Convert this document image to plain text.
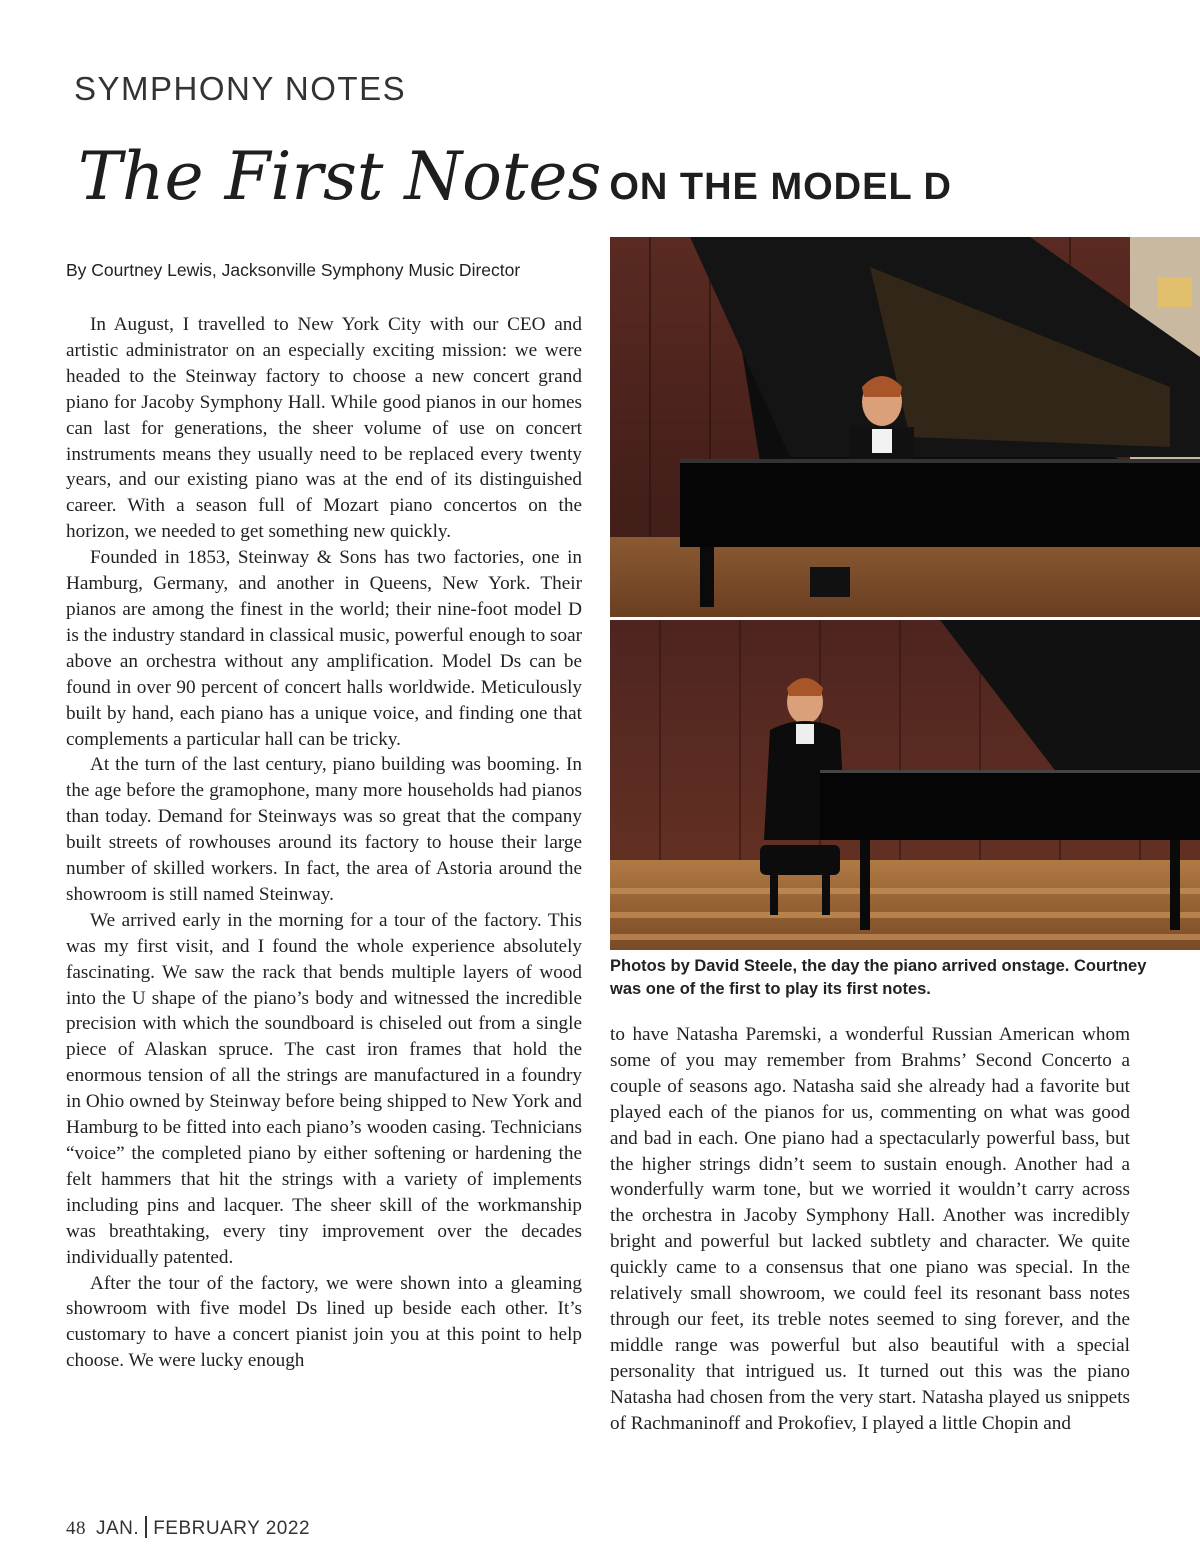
SYMPHONY NOTES
The First Notes ON THE MODEL D
By Courtney Lewis, Jacksonville Symphony Music Director

In August, I travelled to New York City with our CEO and artistic administrator on an especially exciting mission: we were headed to the Steinway factory to choose a new concert grand piano for Jacoby Symphony Hall. While good pianos in our homes can last for generations, the sheer volume of use on concert instruments means they usually need to be replaced every twenty years, and our existing piano was at the end of its distinguished career. With a season full of Mozart piano concertos on the horizon, we needed to get something new quickly.

Founded in 1853, Steinway & Sons has two factories, one in Hamburg, Germany, and another in Queens, New York. Their pianos are among the finest in the world; their nine-foot model D is the industry standard in classical music, powerful enough to soar above an orchestra without any amplification. Model Ds can be found in over 90 percent of concert halls worldwide. Meticulously built by hand, each piano has a unique voice, and finding one that complements a particular hall can be tricky.

At the turn of the last century, piano building was booming. In the age before the gramophone, many more households had pianos than today. Demand for Steinways was so great that the company built streets of rowhouses around its factory to house their large number of skilled workers. In fact, the area of Astoria around the showroom is still named Steinway.

We arrived early in the morning for a tour of the factory. This was my first visit, and I found the whole experience absolutely fascinating. We saw the rack that bends multiple layers of wood into the U shape of the piano’s body and witnessed the incredible precision with which the soundboard is chiseled out from a single piece of Alaskan spruce. The cast iron frames that hold the enormous tension of all the strings are manufactured in a foundry in Ohio owned by Steinway before being shipped to New York and Hamburg to be fitted into each piano’s wooden casing. Technicians “voice” the completed piano by either softening or hardening the felt hammers that hit the strings with a variety of implements including pins and lacquer. The sheer skill of the workmanship was breathtaking, every tiny improvement over the decades individually patented.

After the tour of the factory, we were shown into a gleaming showroom with five model Ds lined up beside each other. It’s customary to have a concert pianist join you at this point to help choose. We were lucky enough

Photos by David Steele, the day the piano arrived onstage. Courtney was one of the first to play its first notes.

to have Natasha Paremski, a wonderful Russian American whom some of you may remember from Brahms’ Second Concerto a couple of seasons ago. Natasha said she already had a favorite but played each of the pianos for us, commenting on what was good and bad in each. One piano had a spectacularly powerful bass, but the higher strings didn’t seem to sustain enough. Another had a wonderfully warm tone, but we worried it wouldn’t carry across the orchestra in Jacoby Symphony Hall. Another was incredibly bright and powerful but lacked subtlety and character. We quite quickly came to a consensus that one piano was special. In the relatively small showroom, we could feel its resonant bass notes through our feet, its treble notes seemed to sing forever, and the middle range was powerful but also beautiful with a special personality that intrigued us. It turned out this was the piano Natasha had chosen from the very start. Natasha played us snippets of Rachmaninoff and Prokofiev, I played a little Chopin and

48 JAN. FEBRUARY 2022
